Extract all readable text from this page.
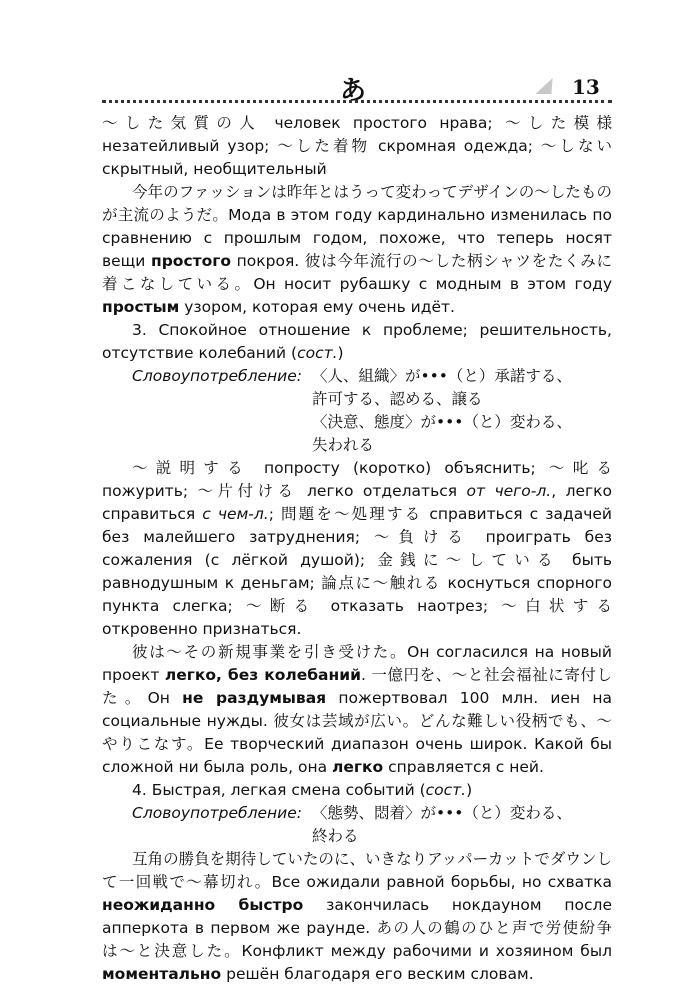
あ	13

〜した気質の人 человек простого нрава; 〜した模様 незатейливый узор; 〜した着物 скромная одежда; 〜しない скрытный, необщительный

今年のファッションは昨年とはうって変わってデザインの〜したものが主流のようだ。Мода в этом году кардинально изменилась по сравнению с прошлым годом, похоже, что теперь носят вещи простого покроя. 彼は今年流行の〜した柄シャツをたくみに着こなしている。Он носит рубашку с модным в этом году простым узором, которая ему очень идёт.

3. Спокойное отношение к проблеме; решительность, отсутствие колебаний (сост.)

Словоупотребление: 〈人、組織〉が•••（と）承諾する、
許可する、認める、譲る
〈決意、態度〉が•••（と）変わる、
失われる

〜説明する попросту (коротко) объяснить; 〜叱る пожурить; 〜片付ける легко отделаться от чего-л., легко справиться с чем-л.; 問題を〜処理する справиться с задачей без малейшего затруднения; 〜負ける проиграть без сожаления (с лёгкой душой); 金銭に〜している быть равнодушным к деньгам; 論点に〜触れる коснуться спорного пункта слегка; 〜断る отказать наотрез; 〜白状する откровенно признаться.

彼は〜その新規事業を引き受けた。Он согласился на новый проект легко, без колебаний. 一億円を、〜と社会福祉に寄付した。Он не раздумывая пожертвовал 100 млн. иен на социальные нужды. 彼女は芸域が広い。どんな難しい役柄でも、〜やりこなす。Ее творческий диапазон очень широк. Какой бы сложной ни была роль, она легко справляется с ней.

4. Быстрая, легкая смена событий (сост.)

Словоупотребление: 〈態勢、悶着〉が•••（と）変わる、
終わる

互角の勝負を期待していたのに、いきなりアッパーカットでダウンして一回戦で〜幕切れ。Все ожидали равной борьбы, но схватка неожиданно быстро закончилась нокдауном после апперкота в первом же раунде. あの人の鶴のひと声で労使紛争は〜と決意した。Конфликт между рабочими и хозяином был моментально решён благодаря его веским словам.
